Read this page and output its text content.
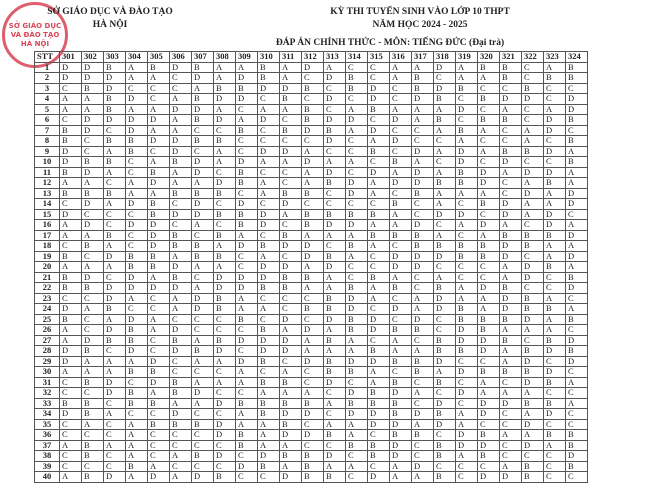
SỞ GIÁO DỤC
VÀ ĐÀO TẠO
HÀ NỘI
SỞ GIÁO DỤC VÀ ĐÀO TẠO
HÀ NỘI
KỲ THI TUYỂN SINH VÀO LỚP 10 THPT
NĂM HỌC 2024 - 2025
ĐÁP ÁN CHÍNH THỨC - MÔN: TIẾNG ĐỨC (Đại trà)
STT	301	302	303	304	305	306	307	308	309	310	311	312	313	314	315	316	317	318	319	320	321	322	323	324
1	D	D	B	A	B	D	B	A	A	B	A	D	A	C	C	A	A	D	A	B	B	C	A	B
2	D	D	D	A	A	C	D	A	D	B	A	C	D	B	C	A	B	C	A	A	B	C	B	B
3	C	B	D	C	C	C	A	B	B	D	D	B	C	B	D	C	B	D	B	C	C	B	C	C
4	A	A	B	D	C	A	B	D	D	C	B	C	D	C	D	C	D	B	C	B	D	D	C	D
5	A	A	B	A	A	D	D	A	C	A	A	B	C	A	B	A	A	A	D	C	A	C	A	D
6	C	D	D	D	D	A	B	D	A	D	C	B	D	D	C	D	A	B	C	B	B	C	D	B
7	B	D	C	D	A	A	C	C	B	C	B	D	B	A	D	C	C	A	B	A	C	A	D	C
8	B	C	B	B	D	D	B	B	C	C	C	C	D	C	A	D	C	C	A	C	C	A	C	B
9	D	C	A	B	C	D	C	A	C	D	D	A	C	C	B	C	D	A	D	A	B	B	D	A
10	D	B	B	C	A	B	D	A	D	A	A	D	A	A	C	B	A	C	D	C	D	C	C	B
11	B	D	A	C	B	A	D	C	B	C	C	A	D	C	D	A	D	A	B	D	A	D	D	A
12	A	A	C	A	D	A	A	D	B	A	C	A	B	D	A	D	D	B	B	D	C	A	B	A
13	B	B	B	A	A	B	B	B	C	A	B	B	C	D	A	C	B	A	A	A	C	D	A	D
14	C	D	A	D	B	C	D	C	D	C	D	C	C	C	C	B	C	A	C	B	D	A	A	D
15	D	C	C	C	B	D	D	B	B	D	A	B	B	B	B	A	C	D	D	C	D	A	D	C
16	A	D	C	D	D	C	A	C	B	D	C	B	D	D	A	A	D	C	A	D	A	C	D	A
17	A	A	B	C	D	B	C	B	A	C	B	A	A	A	B	B	B	A	C	A	B	B	B	D
18	C	B	A	C	D	B	B	A	D	B	D	D	C	B	A	C	B	B	B	B	D	B	A	A
19	B	C	D	B	B	A	B	B	C	A	C	D	B	A	C	D	D	D	B	B	D	C	A	D
20	A	A	A	B	B	D	A	A	C	D	D	A	D	C	C	D	D	C	C	C	A	D	B	A
21	B	D	C	D	A	B	C	D	D	D	B	B	A	C	B	A	C	A	C	C	A	D	C	B
22	B	B	D	D	D	D	A	D	D	B	B	A	A	B	A	B	C	B	A	D	B	C	C	D
23	C	C	D	A	C	A	D	B	A	C	C	C	B	D	A	C	A	D	A	A	D	B	A	C
24	D	A	B	C	C	A	D	B	A	A	C	B	B	D	C	D	A	D	B	A	D	B	B	A
25	B	C	A	D	A	C	C	C	B	C	D	C	D	B	D	C	D	C	B	B	B	D	A	B
26	A	C	D	B	A	D	C	C	C	B	A	D	A	B	D	B	B	C	D	B	A	A	A	C
27	A	D	B	B	C	B	A	B	D	D	D	A	B	A	C	A	C	B	D	D	B	C	B	D
28	D	B	C	D	C	D	B	D	C	D	D	A	A	A	B	A	A	B	B	D	A	B	D	B
29	D	A	A	A	D	C	A	A	D	B	C	D	B	D	D	B	B	D	C	C	A	D	C	D
30	A	A	A	B	B	C	C	C	A	C	A	C	B	B	A	C	B	A	D	B	B	B	D	C
31	C	B	D	C	D	B	A	A	A	B	B	C	D	C	A	B	C	B	C	A	C	D	B	A
32	C	C	D	B	A	B	D	C	C	A	A	A	C	D	B	D	A	C	D	A	A	A	C	C
33	B	B	C	B	B	A	A	D	B	B	B	B	A	B	B	B	C	D	C	D	D	B	B	A
34	D	B	A	C	C	D	C	C	A	B	D	D	C	D	D	B	D	B	A	D	C	A	D	C
35	C	A	C	A	B	B	B	D	A	A	B	C	A	A	D	D	A	D	A	C	C	D	C	C
36	C	C	C	A	C	C	C	D	B	A	D	D	B	A	C	B	B	C	D	B	A	A	B	B
37	A	B	A	A	C	C	C	C	B	A	A	C	C	B	B	D	C	B	D	D	C	D	A	B
38	C	B	C	A	C	A	B	D	C	D	B	B	D	C	B	D	C	B	A	B	C	C	C	D
39	C	C	C	B	A	C	C	C	D	B	A	B	A	A	C	A	D	C	C	C	A	B	C	B
40	A	B	D	A	D	A	D	B	C	C	D	B	B	C	D	A	A	B	C	D	D	B	C	C
